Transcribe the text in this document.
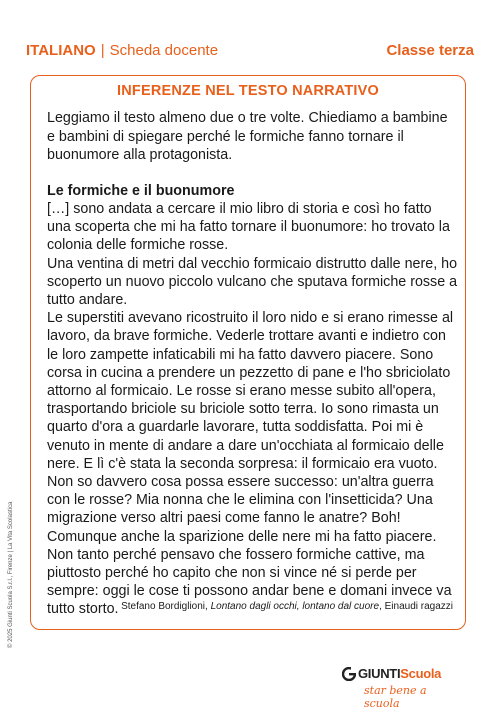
ITALIANO | Scheda docente	Classe terza
INFERENZE NEL TESTO NARRATIVO

Leggiamo il testo almeno due o tre volte. Chiediamo a bambine e bambini di spiegare perché le formiche fanno tornare il buonumore alla protagonista.

Le formiche e il buonumore

[…] sono andata a cercare il mio libro di storia e così ho fatto una scoperta che mi ha fatto tornare il buonumore: ho trovato la colonia delle formiche rosse.

Una ventina di metri dal vecchio formicaio distrutto dalle nere, ho scoperto un nuovo piccolo vulcano che sputava formiche rosse a tutto andare.

Le superstiti avevano ricostruito il loro nido e si erano rimesse al lavoro, da brave formiche. Vederle trottare avanti e indietro con le loro zampette infaticabili mi ha fatto davvero piacere. Sono corsa in cucina a prendere un pezzetto di pane e l'ho sbriciolato attorno al formicaio. Le rosse si erano messe subito all'opera, trasportando briciole su briciole sotto terra. Io sono rimasta un quarto d'ora a guardarle lavorare, tutta soddisfatta. Poi mi è venuto in mente di andare a dare un'occhiata al formicaio delle nere. E lì c'è stata la seconda sorpresa: il formicaio era vuoto.

Non so davvero cosa possa essere successo: un'altra guerra con le rosse? Mia nonna che le elimina con l'insetticida? Una migrazione verso altri paesi come fanno le anatre? Boh!

Comunque anche la sparizione delle nere mi ha fatto piacere. Non tanto perché pensavo che fossero formiche cattive, ma piuttosto perché ho capito che non si vince né si perde per sempre: oggi le cose ti possono andar bene e domani invece va tutto storto. Stefano Bordiglioni, Lontano dagli occhi, lontano dal cuore, Einaudi ragazzi
© 2025 Giunti Scuola S.r.l., Firenze | La Vita Scolastica
GIUNTIScuola
star bene a scuola
